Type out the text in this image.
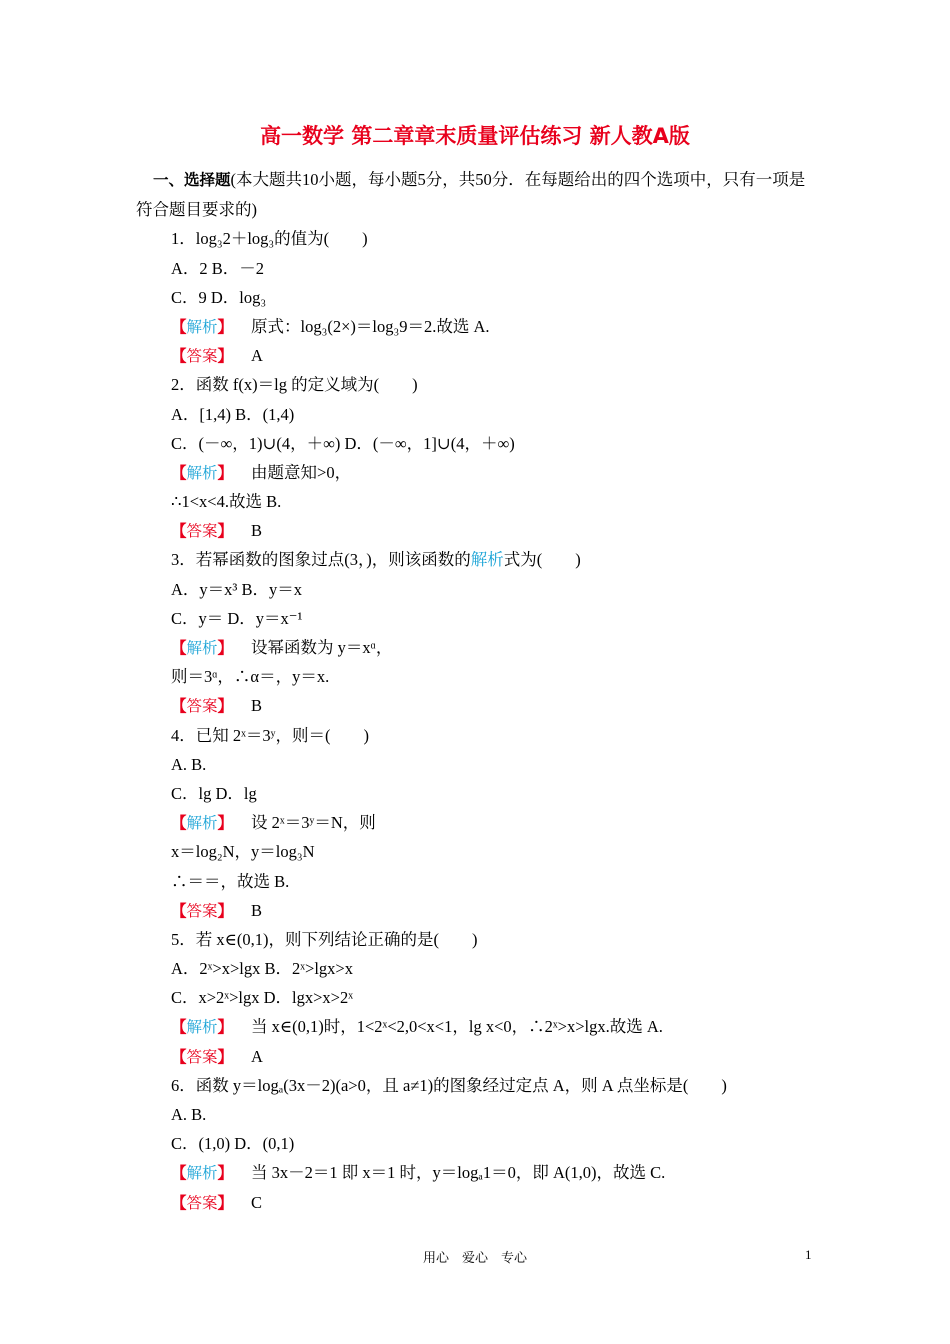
高一数学 第二章章末质量评估练习 新人教A版
一、选择题(本大题共10小题，每小题5分，共50分．在每题给出的四个选项中，只有一项是符合题目要求的)
1．log₃2＋log₃的值为(　　)
A．2 B．－2
C．9 D．log₃
【解析】 原式：log₃(2×)＝log₃9＝2.故选 A.
【答案】 A
2．函数 f(x)＝lg 的定义域为(　　)
A．[1,4) B．(1,4)
C．(－∞，1)∪(4，＋∞) D．(－∞，1]∪(4，＋∞)
【解析】 由题意知>0，
∴1<x<4.故选 B.
【答案】 B
3．若幂函数的图象过点(3，)，则该函数的解析式为(　　)
A．y＝x³ B．y＝x
C．y＝ D．y＝x⁻¹
【解析】 设幂函数为 y＝xᵅ，
则＝3ᵅ，∴α＝，y＝x.
【答案】 B
4．已知 2ˣ＝3ʸ，则＝(　　)
A. B.
C．lg D．lg
【解析】 设 2ˣ＝3ʸ＝N，则
x＝log₂N，y＝log₃N
∴＝＝，故选 B.
【答案】 B
5．若 x∈(0,1)，则下列结论正确的是(　　)
A．2ˣ>x>lgx B．2ˣ>lgx>x
C．x>2ˣ>lgx D．lgx>x>2ˣ
【解析】 当 x∈(0,1)时，1<2ˣ<2,0<x<1，lg x<0，∴2ˣ>x>lgx.故选 A.
【答案】 A
6．函数 y＝logₐ(3x－2)(a>0，且 a≠1)的图象经过定点 A，则 A 点坐标是(　　)
A. B.
C．(1,0) D．(0,1)
【解析】 当 3x－2＝1 即 x＝1 时，y＝logₐ1＝0，即 A(1,0)，故选 C.
【答案】 C
用心　爱心　专心	1
